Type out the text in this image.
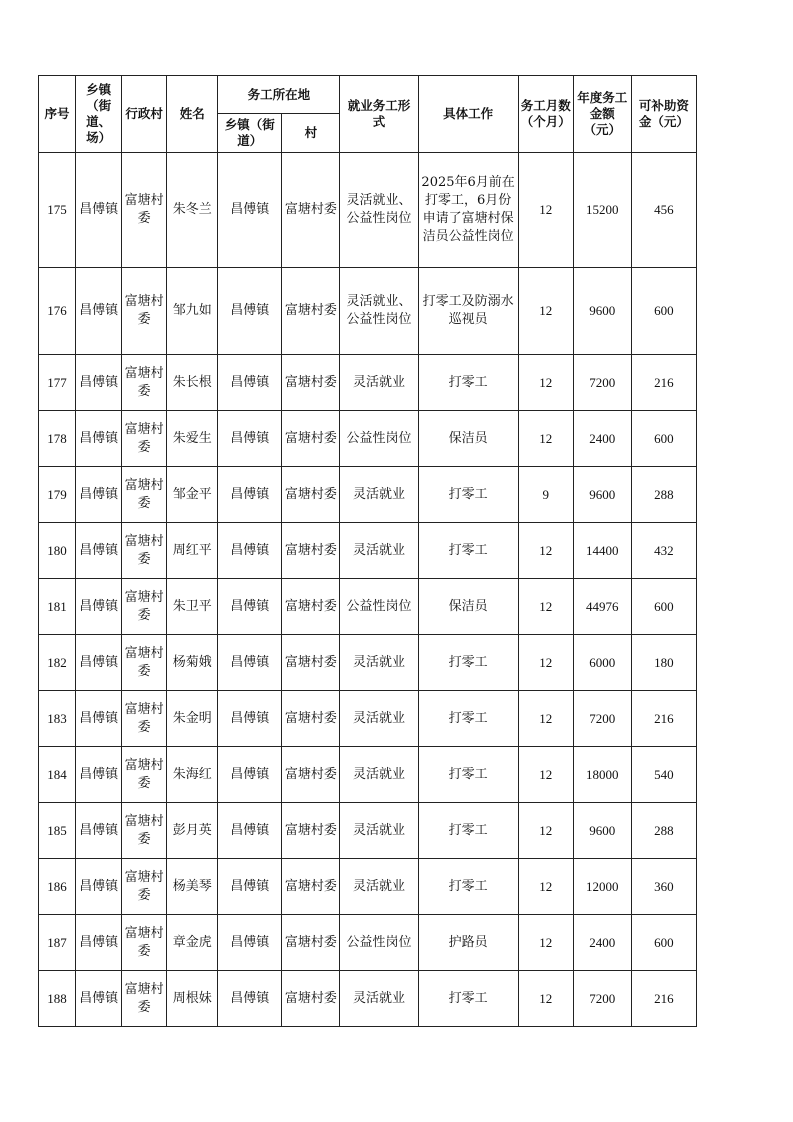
序号	乡镇（街道、场）	行政村	姓名	务工所在地		就业务工形式	具体工作	务工月数（个月）	年度务工金额（元）	可补助资金（元）
				乡镇（街道）	村					
175	昌傅镇	富塘村委	朱冬兰	昌傅镇	富塘村委	灵活就业、公益性岗位	2025年6月前在打零工，6月份申请了富塘村保洁员公益性岗位	12	15200	456
176	昌傅镇	富塘村委	邹九如	昌傅镇	富塘村委	灵活就业、公益性岗位	打零工及防溺水巡视员	12	9600	600
177	昌傅镇	富塘村委	朱长根	昌傅镇	富塘村委	灵活就业	打零工	12	7200	216
178	昌傅镇	富塘村委	朱爱生	昌傅镇	富塘村委	公益性岗位	保洁员	12	2400	600
179	昌傅镇	富塘村委	邹金平	昌傅镇	富塘村委	灵活就业	打零工	9	9600	288
180	昌傅镇	富塘村委	周红平	昌傅镇	富塘村委	灵活就业	打零工	12	14400	432
181	昌傅镇	富塘村委	朱卫平	昌傅镇	富塘村委	公益性岗位	保洁员	12	44976	600
182	昌傅镇	富塘村委	杨菊娥	昌傅镇	富塘村委	灵活就业	打零工	12	6000	180
183	昌傅镇	富塘村委	朱金明	昌傅镇	富塘村委	灵活就业	打零工	12	7200	216
184	昌傅镇	富塘村委	朱海红	昌傅镇	富塘村委	灵活就业	打零工	12	18000	540
185	昌傅镇	富塘村委	彭月英	昌傅镇	富塘村委	灵活就业	打零工	12	9600	288
186	昌傅镇	富塘村委	杨美琴	昌傅镇	富塘村委	灵活就业	打零工	12	12000	360
187	昌傅镇	富塘村委	章金虎	昌傅镇	富塘村委	公益性岗位	护路员	12	2400	600
188	昌傅镇	富塘村委	周根妹	昌傅镇	富塘村委	灵活就业	打零工	12	7200	216
